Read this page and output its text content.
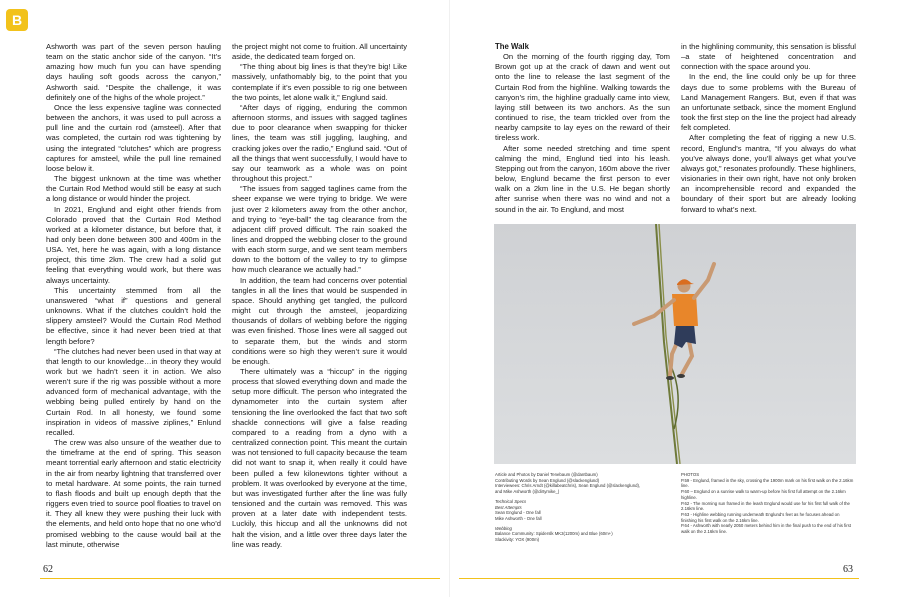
B

Ashworth was part of the seven person hauling team on the static anchor side of the canyon. “It’s amazing how much fun you can have spending days hauling soft goods across the canyon,” Ashworth said. “Despite the challenge, it was definitely one of the highs of the whole project.”

Once the less expensive tagline was connected between the anchors, it was used to pull across a pull line and the curtain rod (amsteel). After that was completed, the curtain rod was tightening by using the integrated “clutches” which are progress captures for amsteel, while the pull line remained loose below it.

The biggest unknown at the time was whether the Curtain Rod Method would still be easy at such a long distance or would hinder the project.

In 2021, Englund and eight other friends from Colorado proved that the Curtain Rod Method worked at a kilometer distance, but before that, it had only been done between 300 and 400m in the USA. Yet, here he was again, with a long distance project, this time 2km. The crew had a solid gut feeling that everything would work, but there was always uncertainty.

This uncertainty stemmed from all the unanswered “what if” questions and general unknowns. What if the clutches couldn’t hold the slippery amsteel? Would the Curtain Rod Method be effective, since it had never been tried at that length before?

“The clutches had never been used in that way at that length to our knowledge…in theory they would work but we hadn’t seen it in action. We also weren’t sure if the rig was possible without a more advanced form of mechanical advantage, with the webbing being pulled entirely by hand on the Curtain Rod. In all honesty, we found some inspiration in videos of massive ziplines,” Enlund recalled.

The crew was also unsure of the weather due to the timeframe at the end of spring. This season meant torrential early afternoon and static electricity in the air from nearby lightning that transferred over to metal hardware. At some points, the rain turned to flash floods and built up enough depth that the riggers even tried to source pool floaties to travel on it. They all knew they were pushing their luck with the elements, and held onto hope that no one who’d promised webbing to the cause would bail at the last minute, otherwise

the project might not come to fruition. All uncertainty aside, the dedicated team forged on.

“The thing about big lines is that they’re big! Like massively, unfathomably big, to the point that you contemplate if it’s even possible to rig one between the two points, let alone walk it,” Englund said.

“After days of rigging, enduring the common afternoon storms, and issues with sagged taglines due to poor clearance when swapping for thicker lines, the team was still juggling, laughing, and cracking jokes over the radio,” Englund said. “Out of all the things that went successfully, I would have to say our teamwork as a whole was on point throughout this project.”

“The issues from sagged taglines came from the sheer expanse we were trying to bridge. We were just over 2 kilometers away from the other anchor, and trying to “eye-ball” the tag clearance from the adjacent cliff proved difficult. The rain soaked the lines and dropped the webbing closer to the ground with each storm surge, and we sent team members down to the bottom of the valley to try to glimpse how much clearance we actually had.”

In addition, the team had concerns over potential tangles in all the lines that would be suspended in space. Should anything get tangled, the pullcord might cut through the amsteel, jeopardizing thousands of dollars of webbing before the rigging was even finished. Those lines were all sagged out to separate them, but the winds and storm conditions were so high they weren’t sure it would be enough.

There ultimately was a “hiccup” in the rigging process that slowed everything down and made the setup more difficult. The person who integrated the dynamometer into the curtain system after tensioning the line overlooked the fact that two soft shackle connections will give a false reading compared to a reading from a dyno with a centralized connection point. This meant the curtain was not tensioned to full capacity because the team did not want to snap it, when really it could have been pulled a few kilonewtons tighter without a problem. It was overlooked by everyone at the time, but was investigated further after the line was fully tensioned and the curtain was removed. This was proven at a later date with independent tests. Luckily, this hiccup and all the unknowns did not halt the vision, and a little over three days later the line was ready.

The Walk

On the morning of the fourth rigging day, Tom Brown got up at the crack of dawn and went out onto the line to release the last segment of the Curtain Rod from the highline. Walking towards the canyon’s rim, the highline gradually came into view, laying still between its two anchors. As the sun continued to rise, the team trickled over from the nearby campsite to lay eyes on the reward of their tireless work.

After some needed stretching and time spent calming the mind, Englund tied into his leash. Stepping out from the canyon, 160m above the river below, Englund became the first person to ever walk on a 2km line in the U.S. He began shortly after sunrise when there was no wind and not a sound in the air. To Englund, and most

in the highlining community, this sensation is blissful –a state of heightened concentration and connection with the space around you.

In the end, the line could only be up for three days due to some problems with the Bureau of Land Management Rangers. But, even if that was an unfortunate setback, since the moment Englund took the first step on the line the project had already felt completed.

After completing the feat of rigging a new U.S. record, Englund’s mantra, “If you always do what you’ve always done, you’ll always get what you’ve always got,” resonates profoundly. These highliners, visionaries in their own right, have not only broken an incomprehensible record and expanded the boundary of their sport but are already looking forward to what’s next.

Article and Photos by Daniel Tenebaum (@dantbaum)
Contributing Words by Sean Englund (@slackenglund)
Interviewees: Chris Arndt (@killabeatchris), Sean Englund (@slackenglund),
and Mike Ashworth (@dirtymike_)
Technical Specs
Best Attempts
Sean Englund - One fall
Mike Ashworth - One fall
Webbing
Balance Community: Spiderslk MK3(1200m) and Blue (60m+)
Slackivity: YOX (900m)
PHOTOS
P.59 - Englund, framed in the sky, crossing the 1900m mark on his first walk on the 2.16km line.
P.60 – Englund on a sunrise walk to warm-up before his first full attempt on the 2.16km highline.
P.62 - The morning sun framed in the leash Englund would use for his first full walk of the 2.16km line.
P.63 - Highline webbing running underneath Englund’s feet as he focuses ahead on finishing his first walk on the 2.16km line.
P.64 - Ashworth with nearly 2050 meters behind him in the final push to the end of his first walk on the 2.16km line.
62	63
